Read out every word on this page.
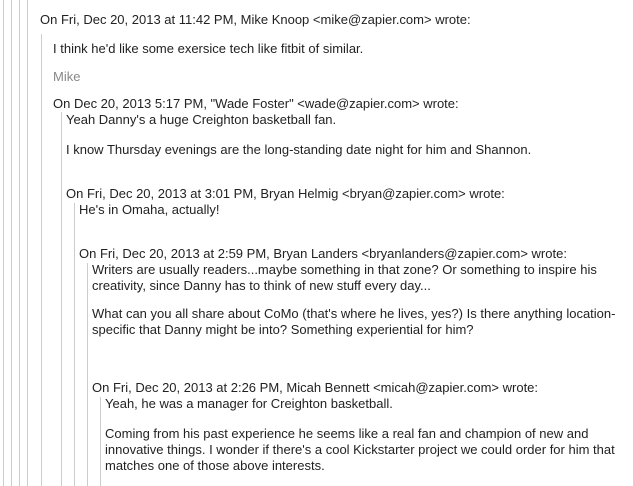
On Fri, Dec 20, 2013 at 11:42 PM, Mike Knoop <mike@zapier.com> wrote:
I think he'd like some exersice tech like fitbit of similar.
Mike
On Dec 20, 2013 5:17 PM, "Wade Foster" <wade@zapier.com> wrote:
Yeah Danny's a huge Creighton basketball fan.
I know Thursday evenings are the long-standing date night for him and Shannon.
On Fri, Dec 20, 2013 at 3:01 PM, Bryan Helmig <bryan@zapier.com> wrote:
He's in Omaha, actually!
On Fri, Dec 20, 2013 at 2:59 PM, Bryan Landers <bryanlanders@zapier.com> wrote:
Writers are usually readers...maybe something in that zone? Or something to inspire his
creativity, since Danny has to think of new stuff every day...
What can you all share about CoMo (that's where he lives, yes?) Is there anything location-
specific that Danny might be into? Something experiential for him?
On Fri, Dec 20, 2013 at 2:26 PM, Micah Bennett <micah@zapier.com> wrote:
Yeah, he was a manager for Creighton basketball.
Coming from his past experience he seems like a real fan and champion of new and
innovative things. I wonder if there's a cool Kickstarter project we could order for him that
matches one of those above interests.
